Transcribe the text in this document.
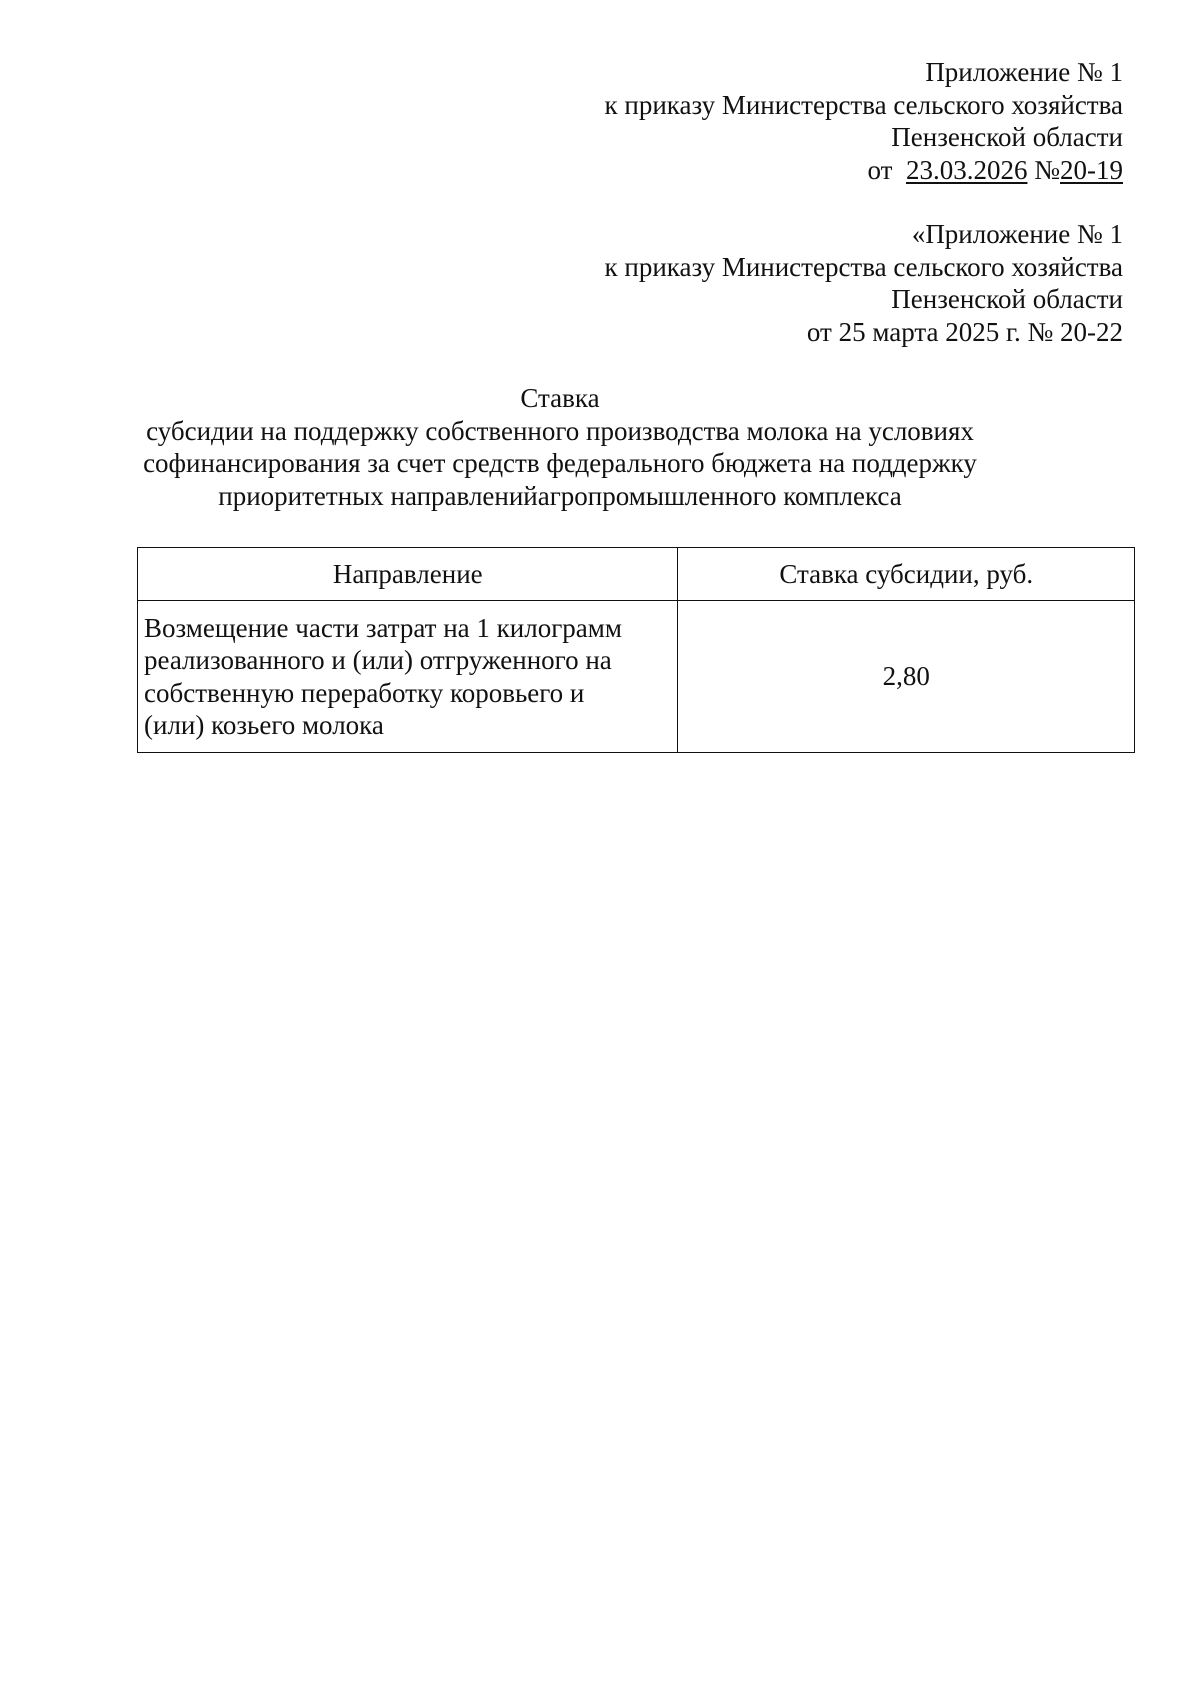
Приложение № 1
к приказу Министерства сельского хозяйства
Пензенской области
от  23.03.2026 №20-19
«Приложение № 1
к приказу Министерства сельского хозяйства
Пензенской области
от 25 марта 2025 г. № 20-22
Ставка
субсидии на поддержку собственного производства молока на условиях
софинансирования за счет средств федерального бюджета на поддержку
приоритетных направленийагропромышленного комплекса
Направление	Ставка субсидии, руб.

Возмещение части затрат на 1 килограмм
реализованного и (или) отгруженного на
собственную переработку коровьего и
(или) козьего молока	2,80
